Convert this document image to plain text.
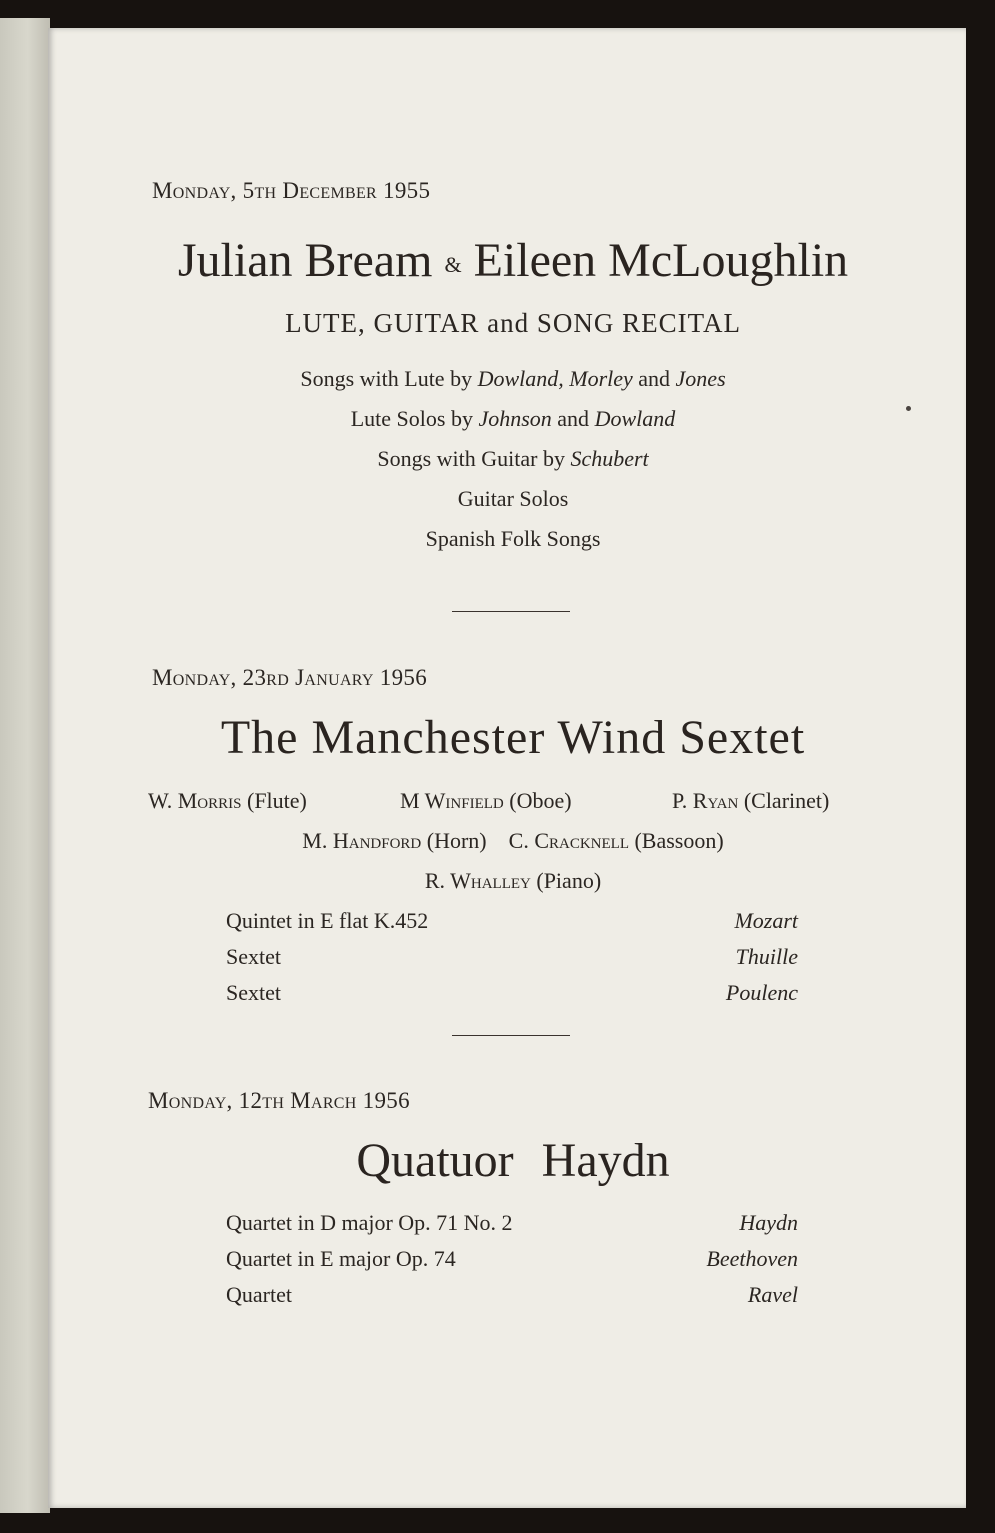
Monday, 5th December 1955
Julian Bream & Eileen McLoughlin
LUTE, GUITAR and SONG RECITAL
Songs with Lute by Dowland, Morley and Jones
Lute Solos by Johnson and Dowland
Songs with Guitar by Schubert
Guitar Solos
Spanish Folk Songs
Monday, 23rd January 1956
The Manchester Wind Sextet
W. Morris (Flute)	M Winfield (Oboe)	P. Ryan (Clarinet)
M. Handford (Horn) C. Cracknell (Bassoon)
R. Whalley (Piano)
Quintet in E flat K.452	Mozart
Sextet	Thuille
Sextet	Poulenc
Monday, 12th March 1956
Quatuor Haydn
Quartet in D major Op. 71 No. 2	Haydn
Quartet in E major Op. 74	Beethoven
Quartet	Ravel
